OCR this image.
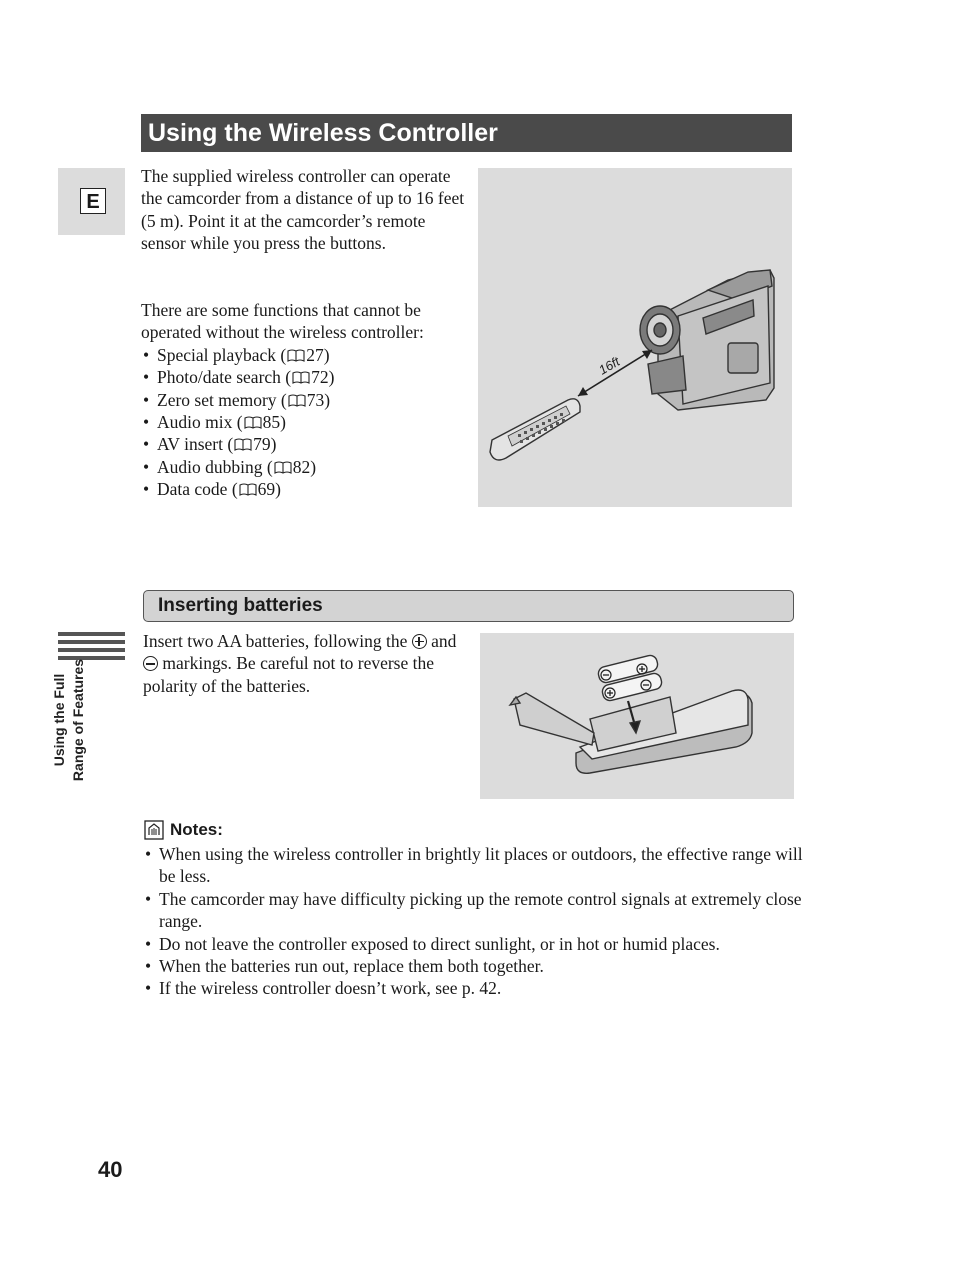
Using the Wireless Controller
E
The supplied wireless controller can operate the camcorder from a distance of up to 16 feet (5 m). Point it at the camcorder’s remote sensor while you press the buttons.
There are some functions that cannot be operated without the wireless controller:
• Special playback ( 27)
• Photo/date search ( 72)
• Zero set memory ( 73)
• Audio mix ( 85)
• AV insert ( 79)
• Audio dubbing ( 82)
• Data code ( 69)
16ft
Inserting batteries
Insert two AA batteries, following the and  markings. Be careful not to reverse the polarity of the batteries.
Using the Full Range of Features
Notes:
• When using the wireless controller in brightly lit places or outdoors, the effective range will be less.
• The camcorder may have difficulty picking up the remote control signals at extremely close range.
• Do not leave the controller exposed to direct sunlight, or in hot or humid places.
• When the batteries run out, replace them both together.
• If the wireless controller doesn’t work, see p. 42.
40
